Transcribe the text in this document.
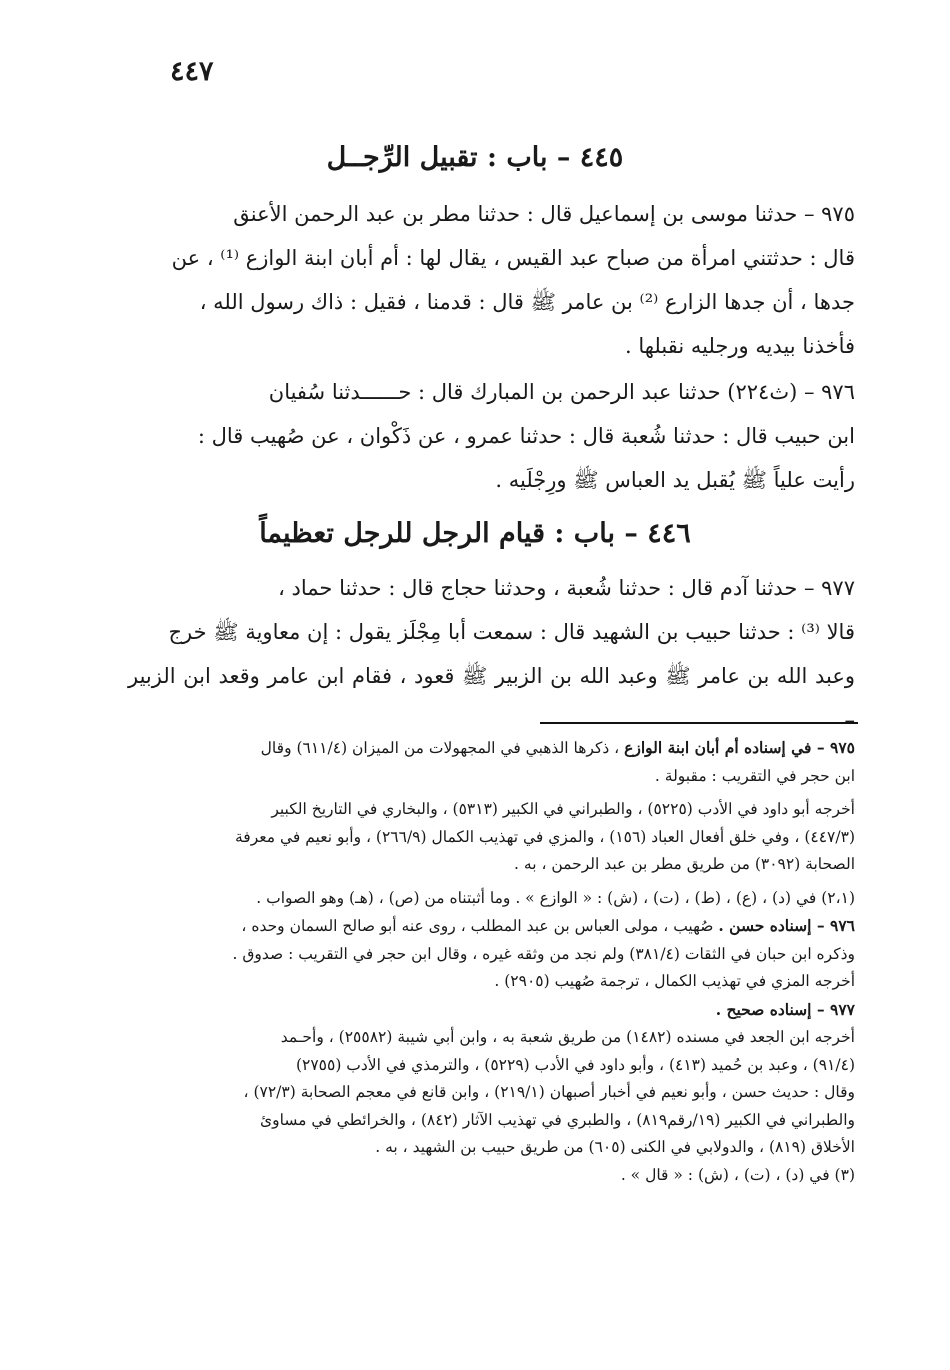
٤٤٧
٤٤٥ – باب : تقبيل الرِّجــل

٩٧٥ – حدثنا موسى بن إسماعيل قال : حدثنا مطر بن عبد الرحمن الأعنق

قال : حدثتني امرأة من صباح عبد القيس ، يقال لها : أم أبان ابنة الوازع ⁽¹⁾ ، عن

جدها ، أن جدها الزارع ⁽²⁾ بن عامر ﷺ قال : قدمنا ، فقيل : ذاك رسول الله ،

فأخذنا بيديه ورجليه نقبلها .

٩٧٦ – (ث٢٢٤) حدثنا عبد الرحمن بن المبارك قال : حــــــدثنا سُفيان

ابن حبيب قال : حدثنا شُعبة قال : حدثنا عمرو ، عن ذَكْوان ، عن صُهيب قال :

رأيت علياً ﷺ يُقبل يد العباس ﷺ ورِجْلَيه .

٤٤٦ – باب : قيام الرجل للرجل تعظيماً

٩٧٧ – حدثنا آدم قال : حدثنا شُعبة ، وحدثنا حجاج قال : حدثنا حماد ،

قالا ⁽³⁾ : حدثنا حبيب بن الشهيد قال : سمعت أبا مِجْلَز يقول : إن معاوية ﷺ خرج

وعبد الله بن عامر ﷺ وعبد الله بن الزبير ﷺ قعود ، فقام ابن عامر وقعد ابن الزبير –

٩٧٥ – في إسناده أم أبان ابنة الوازع ، ذكرها الذهبي في المجهولات من الميزان (٦١١/٤) وقال

ابن حجر في التقريب : مقبولة .

أخرجه أبو داود في الأدب (٥٢٢٥) ، والطبراني في الكبير (٥٣١٣) ، والبخاري في التاريخ الكبير

(٤٤٧/٣) ، وفي خلق أفعال العباد (١٥٦) ، والمزي في تهذيب الكمال (٢٦٦/٩) ، وأبو نعيم في معرفة

الصحابة (٣٠٩٢) من طريق مطر بن عبد الرحمن ، به .

(٢،١) في (د) ، (ع) ، (ط) ، (ت) ، (ش) : « الوازع » . وما أثبتناه من (ص) ، (هـ) وهو الصواب .

٩٧٦ – إسناده حسن . صُهيب ، مولى العباس بن عبد المطلب ، روى عنه أبو صالح السمان وحده ،

وذكره ابن حبان في الثقات (٣٨١/٤) ولم نجد من وثقه غيره ، وقال ابن حجر في التقريب : صدوق .

أخرجه المزي في تهذيب الكمال ، ترجمة صُهيب (٢٩٠٥) .

٩٧٧ – إسناده صحيح .

أخرجه ابن الجعد في مسنده (١٤٨٢) من طريق شعبة به ، وابن أبي شيبة (٢٥٥٨٢) ، وأحـمد

(٩١/٤) ، وعبد بن حُميد (٤١٣) ، وأبو داود في الأدب (٥٢٢٩) ، والترمذي في الأدب (٢٧٥٥)

وقال : حديث حسن ، وأبو نعيم في أخبار أصبهان (٢١٩/١) ، وابن قانع في معجم الصحابة (٧٢/٣) ،

والطبراني في الكبير (١٩/رقم٨١٩) ، والطبري في تهذيب الآثار (٨٤٢) ، والخرائطي في مساوئ

الأخلاق (٨١٩) ، والدولابي في الكنى (٦٠٥) من طريق حبيب بن الشهيد ، به .

(٣) في (د) ، (ت) ، (ش) : « قال » .
